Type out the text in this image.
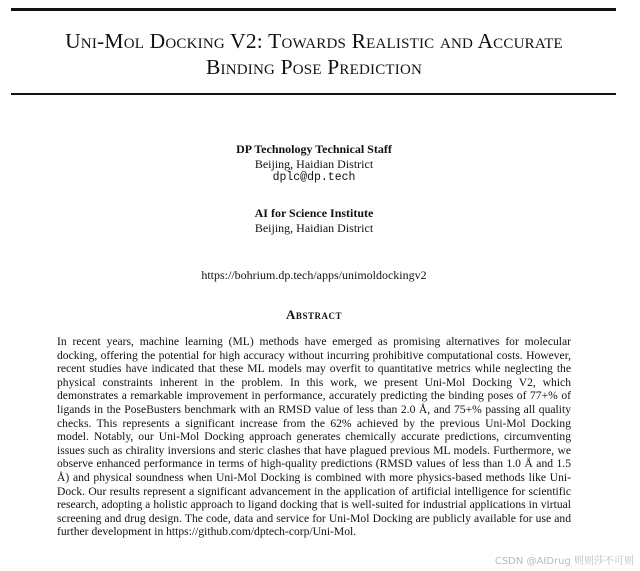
Uni-Mol Docking V2: Towards Realistic and Accurate
Binding Pose Prediction
DP Technology Technical Staff
Beijing, Haidian District
dplc@dp.tech
AI for Science Institute
Beijing, Haidian District
https://bohrium.dp.tech/apps/unimoldockingv2
Abstract
In recent years, machine learning (ML) methods have emerged as promising alternatives for molecular docking, offering the potential for high accuracy without incurring prohibitive computational costs. However, recent studies have indicated that these ML models may overfit to quantitative metrics while neglecting the physical constraints inherent in the problem. In this work, we present Uni-Mol Docking V2, which demonstrates a remarkable improvement in performance, accurately predicting the binding poses of 77+% of ligands in the PoseBusters benchmark with an RMSD value of less than 2.0 Å, and 75+% passing all quality checks. This represents a significant increase from the 62% achieved by the previous Uni-Mol Docking model. Notably, our Uni-Mol Docking approach generates chemically accurate predictions, circumventing issues such as chirality inversions and steric clashes that have plagued previous ML models. Furthermore, we observe enhanced performance in terms of high-quality predictions (RMSD values of less than 1.0 Å and 1.5 Å) and physical soundness when Uni-Mol Docking is combined with more physics-based methods like Uni-Dock. Our results represent a significant advancement in the application of artificial intelligence for scientific research, adopting a holistic approach to ligand docking that is well-suited for industrial applications in virtual screening and drug design. The code, data and service for Uni-Mol Docking are publicly available for use and further development in https://github.com/dptech-corp/Uni-Mol.
CSDN @AIDrug 则则莎不可则
